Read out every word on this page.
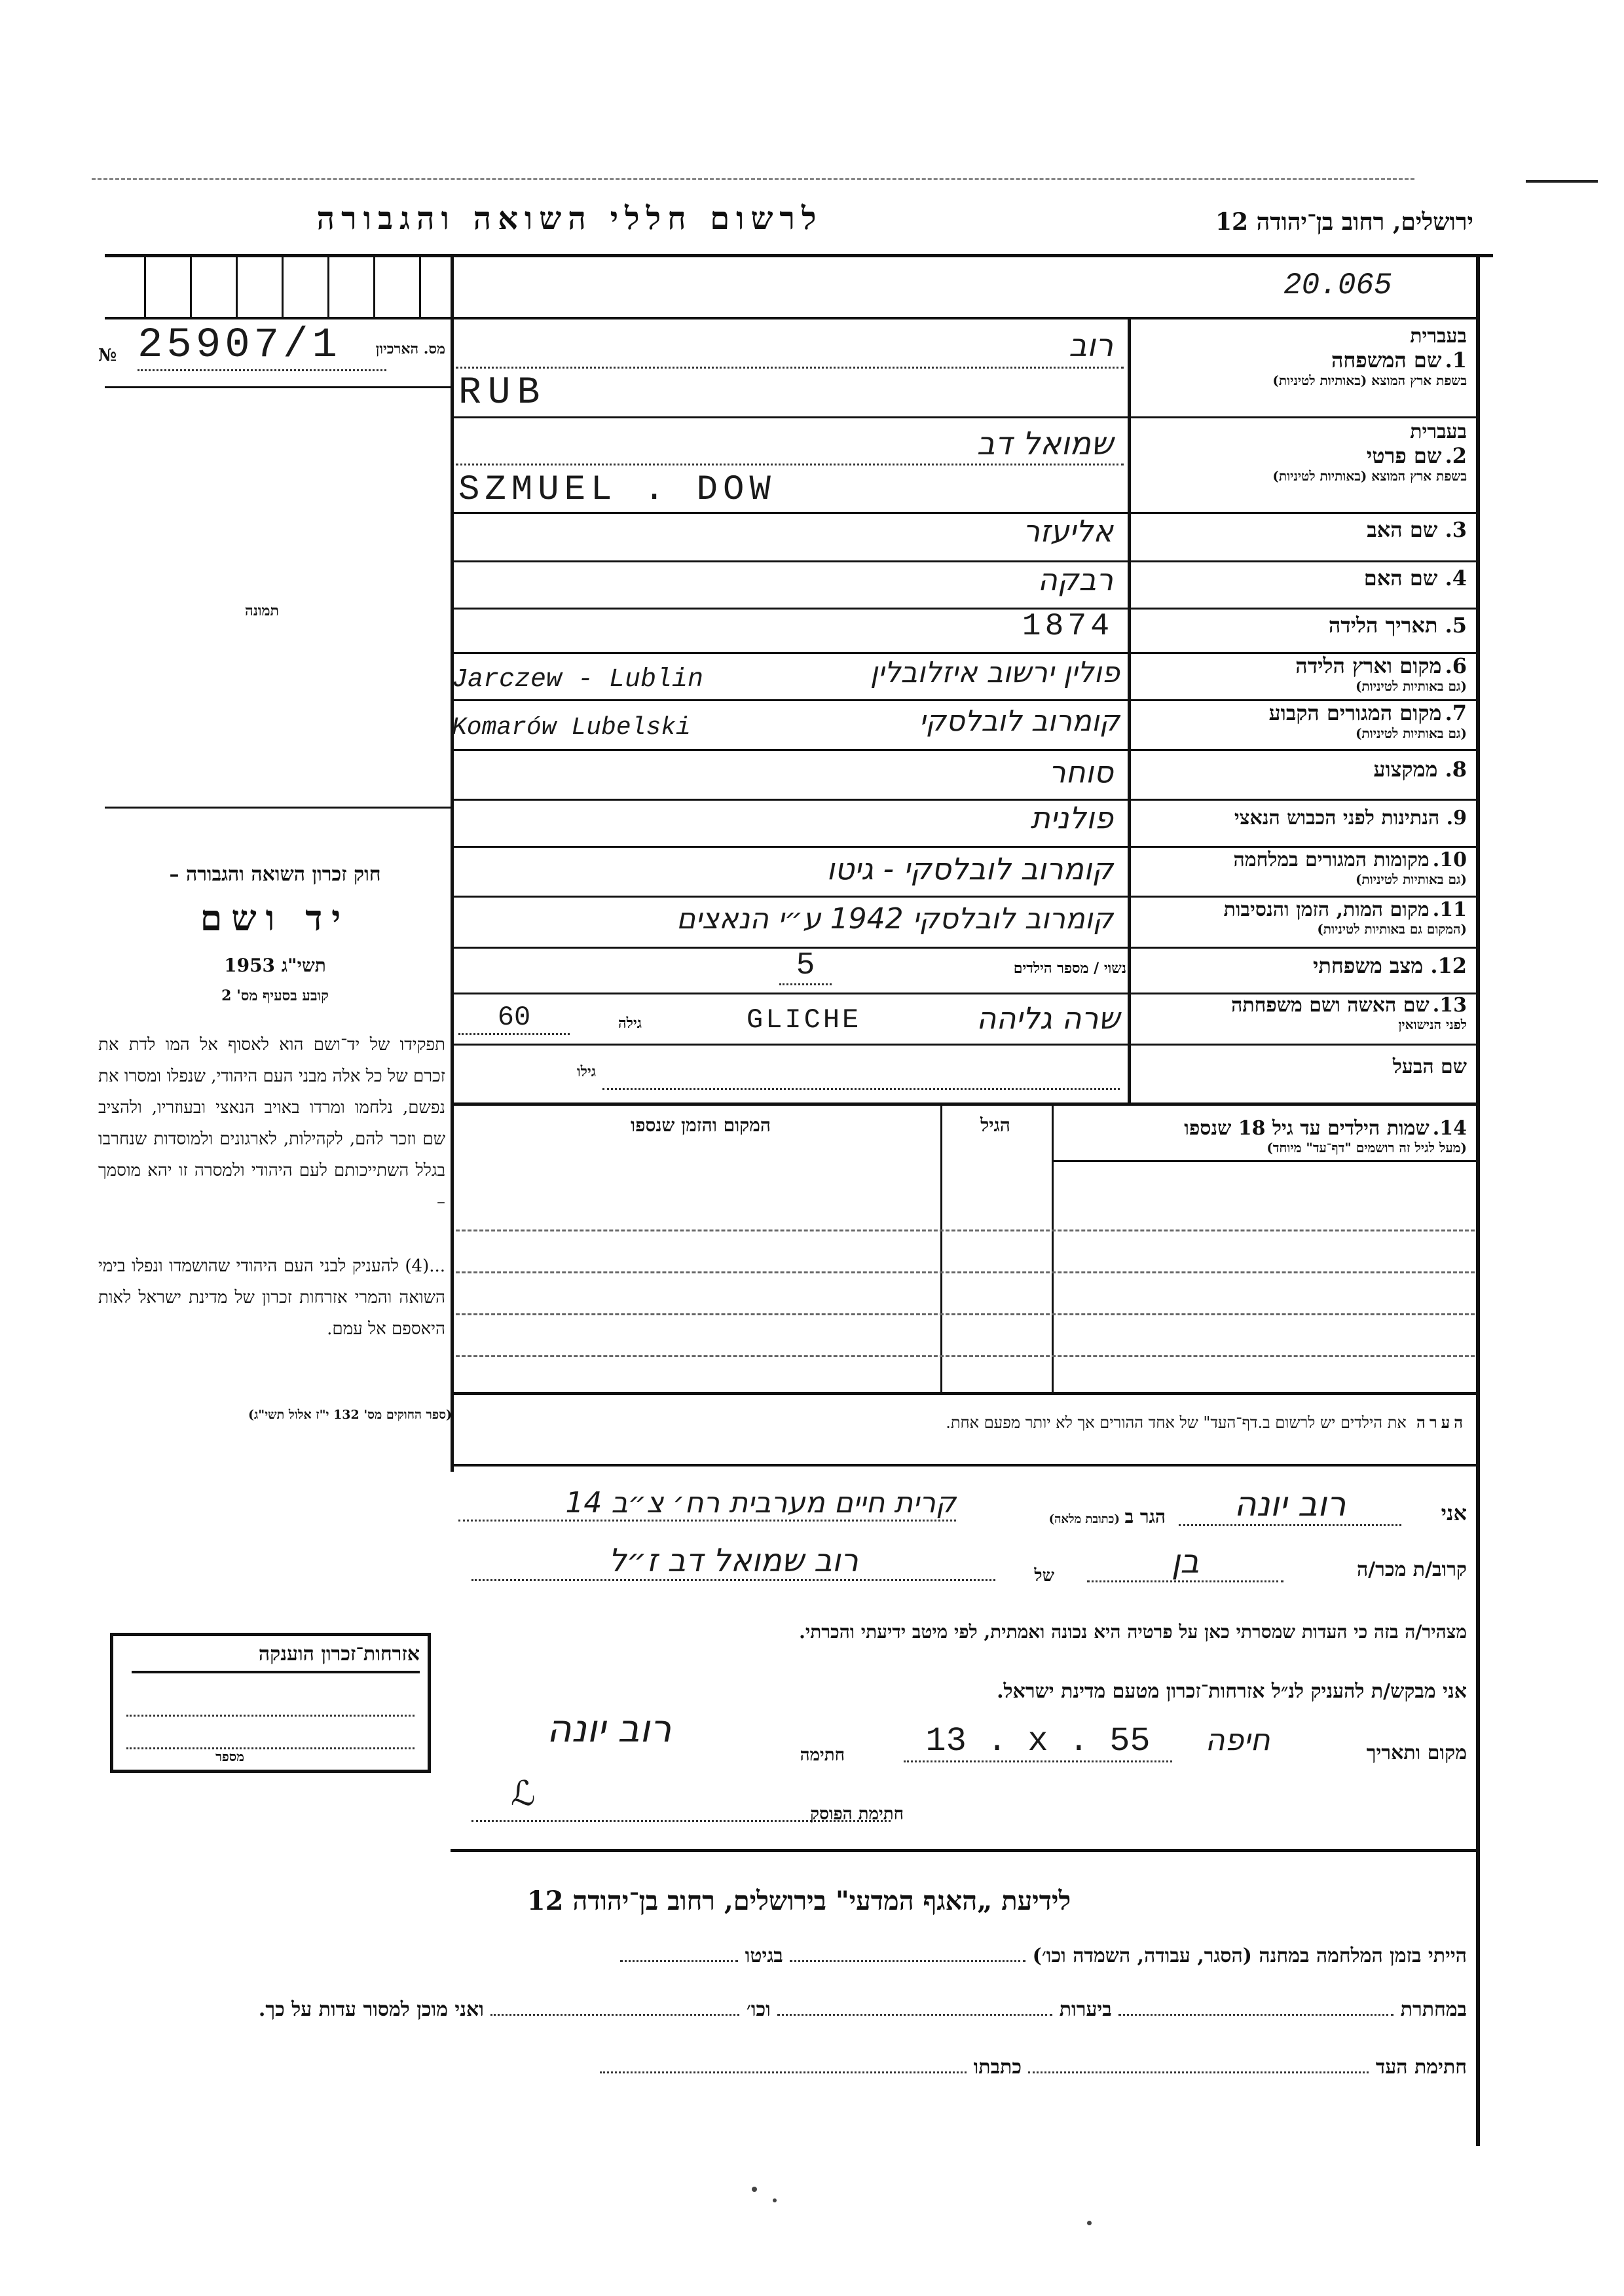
ירושלים, רחוב בן־יהודה 12
לרשום חללי השואה והגבורה
20.065
№ 25907/1	מס. הארכיון
תמונה
חוק זכרון השואה והגבורה –
יד ושם
תשי"ג 1953
קובע בסעיף מס' 2
תפקידו של יד־ושם הוא לאסוף אל המו לדת את זכרם של כל אלה מבני העם היהודי, שנפלו ומסרו את נפשם, נלחמו ומרדו באויב הנאצי ובעוזריו, ולהציב שם וזכר להם, לקהילות, לארגונים ולמוסדות שנחרבו בגלל השתייכותם לעם היהודי ולמסרה זו יהא מוסמך –
...(4) להעניק לבני העם היהודי שהושמדו ונפלו בימי השואה והמרי אזרחות זכרון של מדינת ישראל לאות היאספם אל עמם.
(ספר החוקים מס' 132 י"ז אלול תשי"ג)
בעברית
1. שם המשפחה
בשפת ארץ המוצא (באותיות לטיניות)
רוב
RUB
בעברית
2. שם פרטי
בשפת ארץ המוצא (באותיות לטיניות)
שמואל דב
SZMUEL . DOW
3. שם האב
אליעזר
4. שם האם
רבקה
5. תאריך הלידה
1874
6. מקום וארץ הלידה
(גם באותיות לטיניות)
פולין ירשוב איזלובלין
Jarczew - Lublin
7. מקום המגורים הקבוע
(גם באותיות לטיניות)
קומרוב לובלסקי
Komarów Lubelski
8. ממקצוע
סוחר
9. הנתינות לפני הכבוש הנאצי
פולנית
10. מקומות המגורים במלחמה
(גם באותיות לטיניות)
קומרוב לובלסקי - גיטו
11. מקום המות, הזמן והנסיבות
(המקום גם באותיות לטיניות)
קומרוב לובלסקי 1942 ע״י הנאצים
12. מצב משפחתי
נשוי / מספר הילדים
5
13. שם האשה ושם משפחתה
לפני הנישואין
שרה גליהה
GLICHE
גילה
60
שם הבעל
גילו
14. שמות הילדים עד גיל 18 שנספו
(מעל לגיל זה רושמים "דף־עד" מיוחד)
הגיל
המקום והזמן שנספו
הערה  את הילדים יש לרשום ב.דף־העד" של אחד ההורים אך לא יותר מפעם אחת.
אני
רוב יונה
הגר ב (כתובת מלאה)
קרית חיים מערבית רח׳ צ״ב 14
קרוב/ת מכר/ה
בן
של
רוב שמואל דב ז״ל
מצהיר/ה בזה כי העדות שמסרתי כאן על פרטיה היא נכונה ואמתית, לפי מיטב ידיעתי והכרתי.
אני מבקש/ת להעניק לנ״ל אזרחות־זכרון מטעם מדינת ישראל.
מקום ותאריך
חיפה
13 . x . 55
חתימה
רוב יונה
ℒ
חתימת הפוסק
אזרחות־זכרון הוענקה
מספר
לידיעת „האגף המדעי" בירושלים, רחוב בן־יהודה 12
הייתי בזמן המלחמה במחנה (הסגר, עבודה, השמדה וכו׳)  בגיטו
במחתרת  ביערות  וכו׳  ואני מוכן למסור עדות על כך.
חתימת העד  כתבתו
